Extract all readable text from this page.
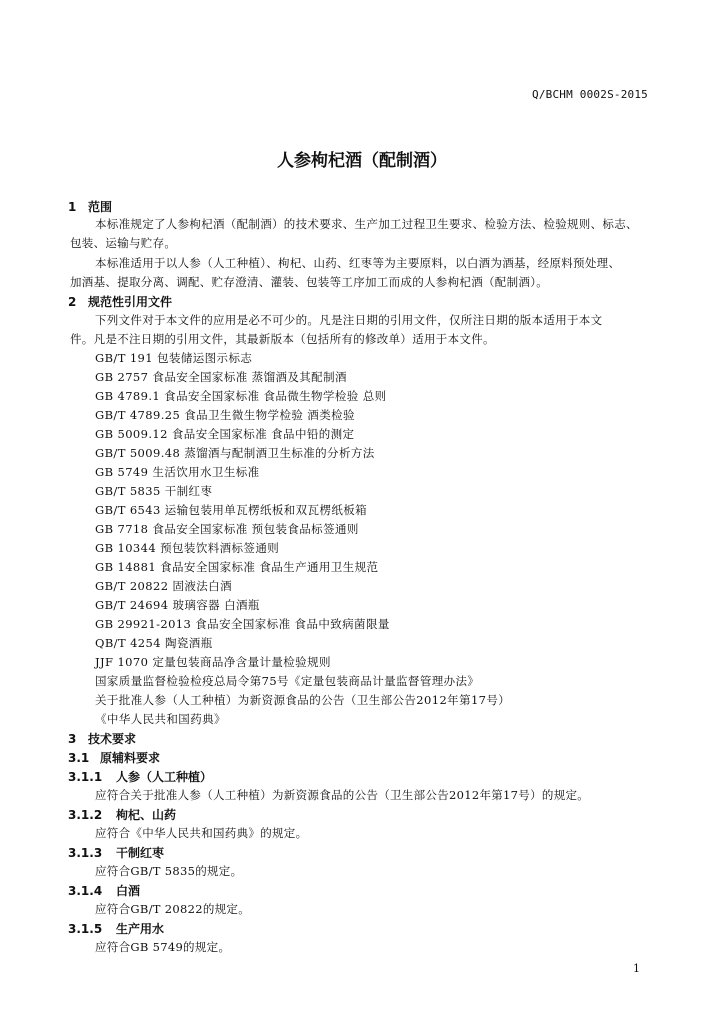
Q/BCHM 0002S-2015
人参枸杞酒（配制酒）
1 范围
本标准规定了人参枸杞酒（配制酒）的技术要求、生产加工过程卫生要求、检验方法、检验规则、标志、
包装、运输与贮存。
本标准适用于以人参（人工种植）、枸杞、山药、红枣等为主要原料，以白酒为酒基，经原料预处理、
加酒基、提取分离、调配、贮存澄清、灌装、包装等工序加工而成的人参枸杞酒（配制酒）。
2 规范性引用文件
下列文件对于本文件的应用是必不可少的。凡是注日期的引用文件，仅所注日期的版本适用于本文
件。凡是不注日期的引用文件，其最新版本（包括所有的修改单）适用于本文件。
GB/T 191 包装储运图示标志
GB 2757 食品安全国家标准 蒸馏酒及其配制酒
GB 4789.1 食品安全国家标准 食品微生物学检验 总则
GB/T 4789.25 食品卫生微生物学检验 酒类检验
GB 5009.12 食品安全国家标准 食品中铅的测定
GB/T 5009.48 蒸馏酒与配制酒卫生标准的分析方法
GB 5749 生活饮用水卫生标准
GB/T 5835 干制红枣
GB/T 6543 运输包装用单瓦楞纸板和双瓦楞纸板箱
GB 7718 食品安全国家标准 预包装食品标签通则
GB 10344 预包装饮料酒标签通则
GB 14881 食品安全国家标准 食品生产通用卫生规范
GB/T 20822 固液法白酒
GB/T 24694 玻璃容器 白酒瓶
GB 29921-2013 食品安全国家标准 食品中致病菌限量
QB/T 4254 陶瓷酒瓶
JJF 1070 定量包装商品净含量计量检验规则
国家质量监督检验检疫总局令第75号《定量包装商品计量监督管理办法》
关于批准人参（人工种植）为新资源食品的公告（卫生部公告2012年第17号）
《中华人民共和国药典》
3 技术要求
3.1 原辅料要求
3.1.1 人参（人工种植）
应符合关于批准人参（人工种植）为新资源食品的公告（卫生部公告2012年第17号）的规定。
3.1.2 枸杞、山药
应符合《中华人民共和国药典》的规定。
3.1.3 干制红枣
应符合GB/T 5835的规定。
3.1.4 白酒
应符合GB/T 20822的规定。
3.1.5 生产用水
应符合GB 5749的规定。
1
